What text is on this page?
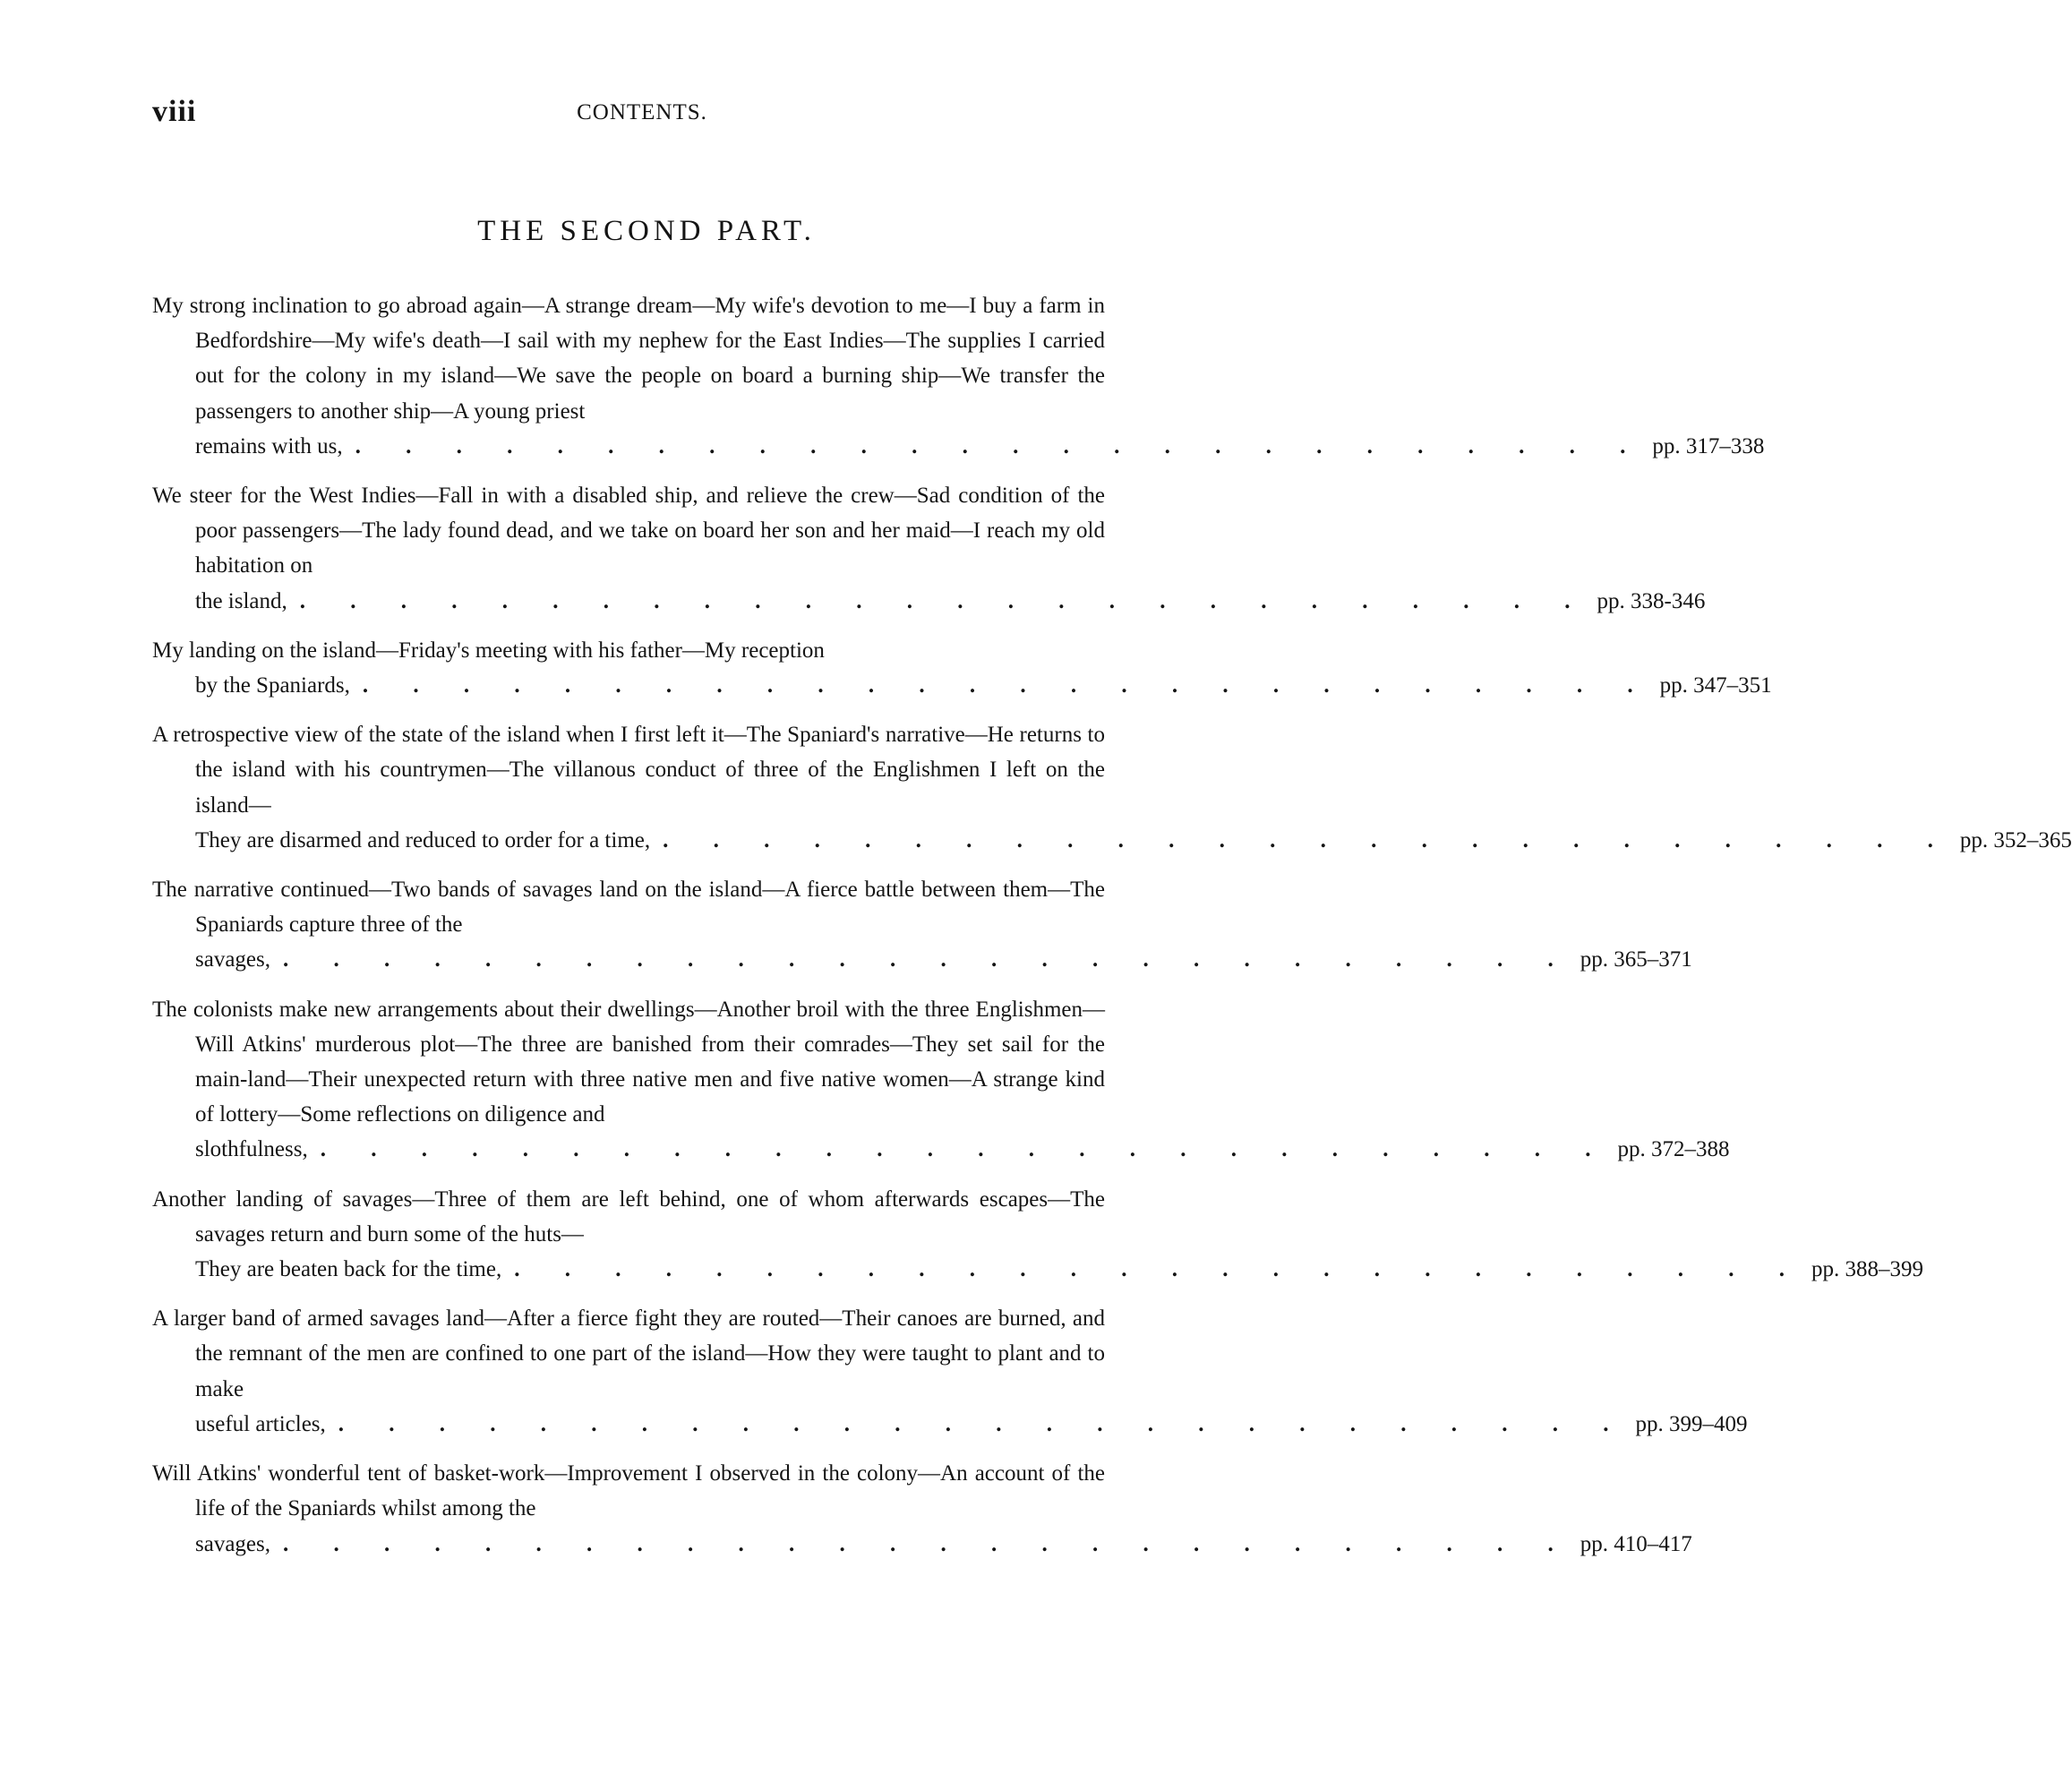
viii	CONTENTS.
THE SECOND PART.
My strong inclination to go abroad again—A strange dream—My wife's devotion to me—I buy a farm in Bedfordshire—My wife's death—I sail with my nephew for the East Indies—The supplies I carried out for the colony in my island—We save the people on board a burning ship—We transfer the passengers to another ship—A young priest
remains with us, . . . . . . . . . . . . . . . . . . . . . . . . . . pp. 317–338
We steer for the West Indies—Fall in with a disabled ship, and relieve the crew—Sad condition of the poor passengers—The lady found dead, and we take on board her son and her maid—I reach my old habitation on
the island, . . . . . . . . . . . . . . . . . . . . . . . . . . pp. 338-346
My landing on the island—Friday's meeting with his father—My reception
by the Spaniards, . . . . . . . . . . . . . . . . . . . . . . . . . . pp. 347–351
A retrospective view of the state of the island when I first left it—The Spaniard's narrative—He returns to the island with his countrymen—The villanous conduct of three of the Englishmen I left on the island—
They are disarmed and reduced to order for a time, . . . . . . . . . . . . . . . . . . . . . . . . . . pp. 352–365
The narrative continued—Two bands of savages land on the island—A fierce battle between them—The Spaniards capture three of the
savages, . . . . . . . . . . . . . . . . . . . . . . . . . . pp. 365–371
The colonists make new arrangements about their dwellings—Another broil with the three Englishmen—Will Atkins' murderous plot—The three are banished from their comrades—They set sail for the main-land—Their unexpected return with three native men and five native women—A strange kind of lottery—Some reflections on diligence and
slothfulness, . . . . . . . . . . . . . . . . . . . . . . . . . . pp. 372–388
Another landing of savages—Three of them are left behind, one of whom afterwards escapes—The savages return and burn some of the huts—
They are beaten back for the time, . . . . . . . . . . . . . . . . . . . . . . . . . . pp. 388–399
A larger band of armed savages land—After a fierce fight they are routed—Their canoes are burned, and the remnant of the men are confined to one part of the island—How they were taught to plant and to make
useful articles, . . . . . . . . . . . . . . . . . . . . . . . . . . pp. 399–409
Will Atkins' wonderful tent of basket-work—Improvement I observed in the colony—An account of the life of the Spaniards whilst among the
savages, . . . . . . . . . . . . . . . . . . . . . . . . . . pp. 410–417
